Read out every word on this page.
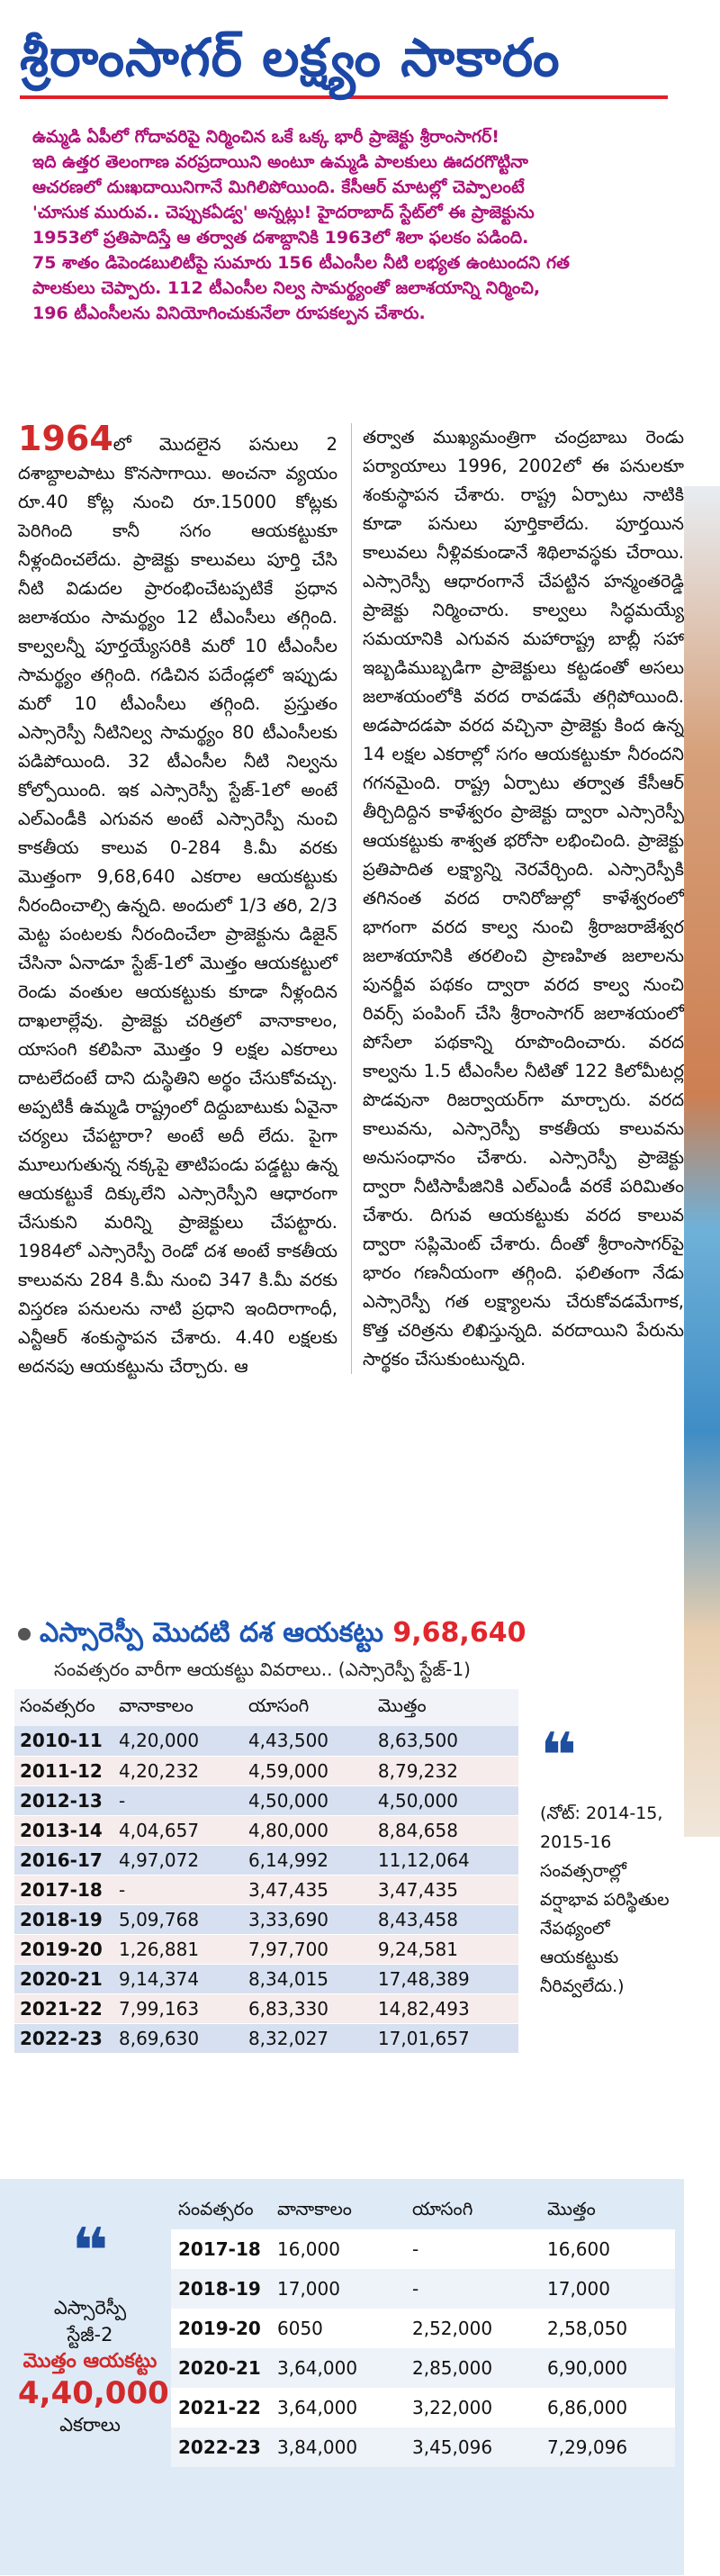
శ్రీరాంసాగర్ లక్ష్యం సాకారం
ఉమ్మడి ఏపీలో గోదావరిపై నిర్మించిన ఒకే ఒక్క భారీ ప్రాజెక్టు శ్రీరాంసాగర్!
ఇది ఉత్తర తెలంగాణ వరప్రదాయిని అంటూ ఉమ్మడి పాలకులు ఊదరగొట్టినా
ఆచరణలో దుఃఖదాయినిగానే మిగిలిపోయింది. కేసీఆర్ మాటల్లో చెప్పాలంటే
'చూసుక మురువ.. చెప్పుకఏడ్వ' అన్నట్లు! హైదరాబాద్ స్టేట్‌లో ఈ ప్రాజెక్టును
1953లో ప్రతిపాదిస్తే ఆ తర్వాత దశాబ్దానికి 1963లో శిలా ఫలకం పడింది.
75 శాతం డిపెండబులిటీపై సుమారు 156 టీఎంసీల నీటి లభ్యత ఉంటుందని గత
పాలకులు చెప్పారు. 112 టీఎంసీల నిల్వ సామర్థ్యంతో జలాశయాన్ని నిర్మించి,
196 టీఎంసీలను వినియోగించుకునేలా రూపకల్పన చేశారు.

1964లో మొదలైన పనులు 2 దశాబ్దాలపాటు కొనసాగాయి. అంచనా వ్యయం రూ.40 కోట్ల నుంచి రూ.15000 కోట్లకు పెరిగింది కానీ సగం ఆయకట్టుకూ నీళ్లందించలేదు. ప్రాజెక్టు కాలువలు పూర్తి చేసి నీటి విడుదల ప్రారంభించేటప్పటికే ప్రధాన జలాశయం సామర్థ్యం 12 టీఎంసీలు తగ్గింది. కాల్వలన్నీ పూర్తయ్యేసరికి మరో 10 టీఎంసీల సామర్థ్యం తగ్గింది. గడిచిన పదేండ్లలో ఇప్పుడు మరో 10 టీఎంసీలు తగ్గింది. ప్రస్తుతం ఎస్సారెస్పీ నీటినిల్వ సామర్థ్యం 80 టీఎంసీలకు పడిపోయింది. 32 టీఎంసీల నీటి నిల్వను కోల్పోయింది. ఇక ఎస్సారెస్పీ స్టేజ్-1లో అంటే ఎల్ఎండీకి ఎగువన అంటే ఎస్సారెస్పీ నుంచి కాకతీయ కాలువ 0-284 కి.మీ వరకు మొత్తంగా 9,68,640 ఎకరాల ఆయకట్టుకు నీరందించాల్సి ఉన్నది. అందులో 1/3 తరి, 2/3 మెట్ట పంటలకు నీరందించేలా ప్రాజెక్టును డిజైన్ చేసినా ఏనాడూ స్టేజ్-1లో మొత్తం ఆయకట్టులో రెండు వంతుల ఆయకట్టుకు కూడా నీళ్లందిన దాఖలాల్లేవు. ప్రాజెక్టు చరిత్రలో వానాకాలం, యాసంగి కలిపినా మొత్తం 9 లక్షల ఎకరాలు దాటలేదంటే దాని దుస్థితిని అర్థం చేసుకోవచ్చు. అప్పటికీ ఉమ్మడి రాష్ట్రంలో దిద్దుబాటుకు ఏవైనా చర్యలు చేపట్టారా? అంటే అదీ లేదు. పైగా మూలుగుతున్న నక్కపై తాటిపండు పడ్డట్టు ఉన్న ఆయకట్టుకే దిక్కులేని ఎస్సారెస్పీని ఆధారంగా చేసుకుని మరిన్ని ప్రాజెక్టులు చేపట్టారు. 1984లో ఎస్సారెస్పీ రెండో దశ అంటే కాకతీయ కాలువను 284 కి.మీ నుంచి 347 కి.మీ వరకు విస్తరణ పనులను నాటి ప్రధాని ఇందిరాగాంధీ, ఎన్టీఆర్ శంకుస్థాపన చేశారు. 4.40 లక్షలకు అదనపు ఆయకట్టును చేర్చారు. ఆ

తర్వాత ముఖ్యమంత్రిగా చంద్రబాబు రెండు పర్యాయాలు 1996, 2002లో ఈ పనులకూ శంకుస్థాపన చేశారు. రాష్ట్ర ఏర్పాటు నాటికి కూడా పనులు పూర్తికాలేదు. పూర్తయిన కాలువలు నీళ్లివకుండానే శిథిలావస్థకు చేరాయి. ఎస్సారెస్పీ ఆధారంగానే చేపట్టిన హన్మంతరెడ్డి ప్రాజెక్టు నిర్మించారు. కాల్వలు సిద్ధమయ్యే సమయానికి ఎగువన మహారాష్ట్ర బాబ్లీ సహా ఇబ్బడిముబ్బడిగా ప్రాజెక్టులు కట్టడంతో అసలు జలాశయంలోకి వరద రావడమే తగ్గిపోయింది. అడపాదడపా వరద వచ్చినా ప్రాజెక్టు కింద ఉన్న 14 లక్షల ఎకరాల్లో సగం ఆయకట్టుకూ నీరందని గగనమైంది. రాష్ట్ర ఏర్పాటు తర్వాత కేసీఆర్ తీర్చిదిద్దిన కాళేశ్వరం ప్రాజెక్టు ద్వారా ఎస్సారెస్పీ ఆయకట్టుకు శాశ్వత భరోసా లభించింది. ప్రాజెక్టు ప్రతిపాదిత లక్ష్యాన్ని నెరవేర్చింది. ఎస్సారెస్పీకి తగినంత వరద రానిరోజుల్లో కాళేశ్వరంలో భాగంగా వరద కాల్వ నుంచి శ్రీరాజరాజేశ్వర జలాశయానికి తరలించి ప్రాణహిత జలాలను పునర్జీవ పథకం ద్వారా వరద కాల్వ నుంచి రివర్స్ పంపింగ్ చేసి శ్రీరాంసాగర్ జలాశయంలో పోసేలా పథకాన్ని రూపొందించారు. వరద కాల్వను 1.5 టీఎంసీల నీటితో 122 కిలోమీటర్ల పొడవునా రిజర్వాయర్‌గా మార్చారు. వరద కాలువను, ఎస్సారెస్పీ కాకతీయ కాలువను అనుసంధానం చేశారు. ఎస్సారెస్పీ ప్రాజెక్టు ద్వారా నీటిసాపీజినికి ఎల్ఎండీ వరకే పరిమితం చేశారు. దిగువ ఆయకట్టుకు వరద కాలువ ద్వారా సప్లిమెంట్ చేశారు. దీంతో శ్రీరాంసాగర్‌పై భారం గణనీయంగా తగ్గింది. ఫలితంగా నేడు ఎస్సారెస్పీ గత లక్ష్యాలను చేరుకోవడమేగాక, కొత్త చరిత్రను లిఖిస్తున్నది. వరదాయిని పేరును సార్థకం చేసుకుంటున్నది.

ఎస్సారెస్పీ మొదటి దశ ఆయకట్టు 9,68,640
సంవత్సరం వారీగా ఆయకట్టు వివరాలు.. (ఎస్సారెస్పీ స్టేజ్-1)
సంవత్సరం	వానాకాలం	యాసంగి	మొత్తం
2010-11	4,20,000	4,43,500	8,63,500
2011-12	4,20,232	4,59,000	8,79,232
2012-13	-	4,50,000	4,50,000
2013-14	4,04,657	4,80,000	8,84,658
2016-17	4,97,072	6,14,992	11,12,064
2017-18	-	3,47,435	3,47,435
2018-19	5,09,768	3,33,690	8,43,458
2019-20	1,26,881	7,97,700	9,24,581
2020-21	9,14,374	8,34,015	17,48,389
2021-22	7,99,163	6,83,330	14,82,493
2022-23	8,69,630	8,32,027	17,01,657
❝
(నోట్: 2014-15, 2015-16 సంవత్సరాల్లో వర్షాభావ పరిస్థితుల నేపథ్యంలో ఆయకట్టుకు నీరివ్వలేదు.)
❝
ఎస్సారెస్పీ
స్టేజీ-2
మొత్తం ఆయకట్టు
4,40,000
ఎకరాలు
సంవత్సరం	వానాకాలం	యాసంగి	మొత్తం
2017-18	16,000	-	16,600
2018-19	17,000	-	17,000
2019-20	6050	2,52,000	2,58,050
2020-21	3,64,000	2,85,000	6,90,000
2021-22	3,64,000	3,22,000	6,86,000
2022-23	3,84,000	3,45,096	7,29,096
